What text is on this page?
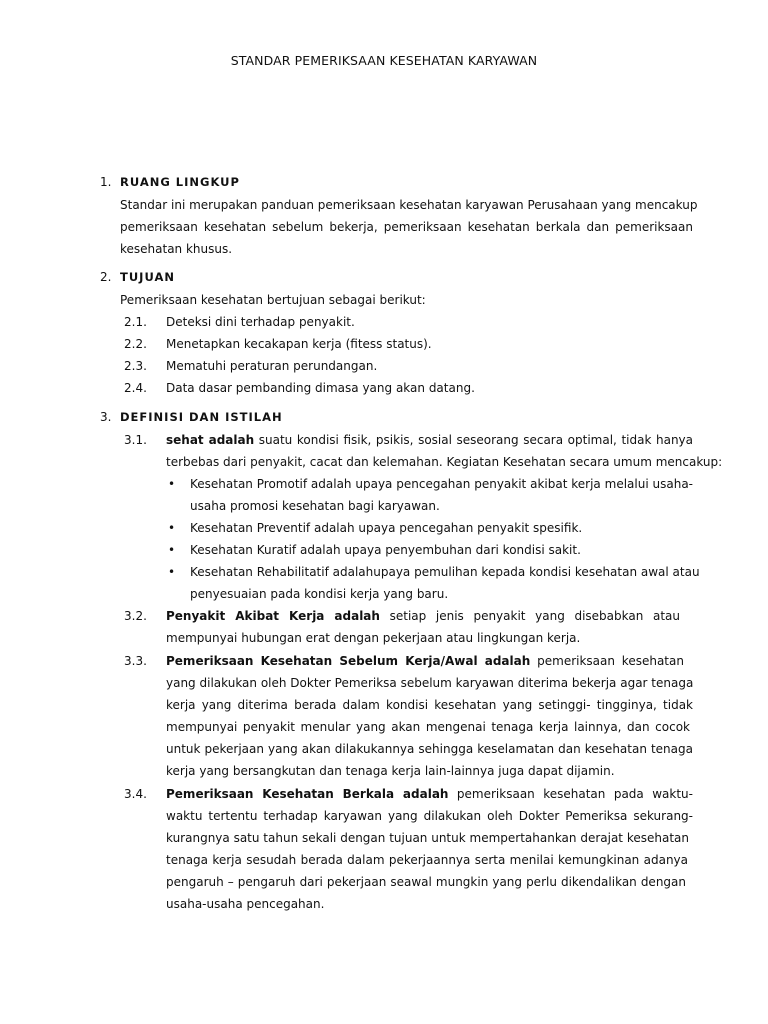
STANDAR PEMERIKSAAN KESEHATAN KARYAWAN
1. RUANG LINGKUP
Standar ini merupakan panduan pemeriksaan kesehatan karyawan Perusahaan yang mencakup
pemeriksaan kesehatan sebelum bekerja, pemeriksaan kesehatan berkala dan pemeriksaan
kesehatan khusus.
2. TUJUAN
Pemeriksaan kesehatan bertujuan sebagai berikut:
2.1. Deteksi dini terhadap penyakit.
2.2. Menetapkan kecakapan kerja (fitess status).
2.3. Mematuhi peraturan perundangan.
2.4. Data dasar pembanding dimasa yang akan datang.
3. DEFINISI DAN ISTILAH
3.1. sehat adalah suatu kondisi fisik, psikis, sosial seseorang secara optimal, tidak hanya
terbebas dari penyakit, cacat dan kelemahan. Kegiatan Kesehatan secara umum mencakup:
• Kesehatan Promotif adalah upaya pencegahan penyakit akibat kerja melalui usaha-
usaha promosi kesehatan bagi karyawan.
• Kesehatan Preventif adalah upaya pencegahan penyakit spesifik.
• Kesehatan Kuratif adalah upaya penyembuhan dari kondisi sakit.
• Kesehatan Rehabilitatif adalahupaya pemulihan kepada kondisi kesehatan awal atau
penyesuaian pada kondisi kerja yang baru.
3.2. Penyakit Akibat Kerja adalah setiap jenis penyakit yang disebabkan atau
mempunyai hubungan erat dengan pekerjaan atau lingkungan kerja.
3.3. Pemeriksaan Kesehatan Sebelum Kerja/Awal adalah pemeriksaan kesehatan
yang dilakukan oleh Dokter Pemeriksa sebelum karyawan diterima bekerja agar tenaga
kerja yang diterima berada dalam kondisi kesehatan yang setinggi- tingginya, tidak
mempunyai penyakit menular yang akan mengenai tenaga kerja lainnya, dan cocok
untuk pekerjaan yang akan dilakukannya sehingga keselamatan dan kesehatan tenaga
kerja yang bersangkutan dan tenaga kerja lain-lainnya juga dapat dijamin.
3.4. Pemeriksaan Kesehatan Berkala adalah pemeriksaan kesehatan pada waktu-
waktu tertentu terhadap karyawan yang dilakukan oleh Dokter Pemeriksa sekurang-
kurangnya satu tahun sekali dengan tujuan untuk mempertahankan derajat kesehatan
tenaga kerja sesudah berada dalam pekerjaannya serta menilai kemungkinan adanya
pengaruh – pengaruh dari pekerjaan seawal mungkin yang perlu dikendalikan dengan
usaha-usaha pencegahan.
